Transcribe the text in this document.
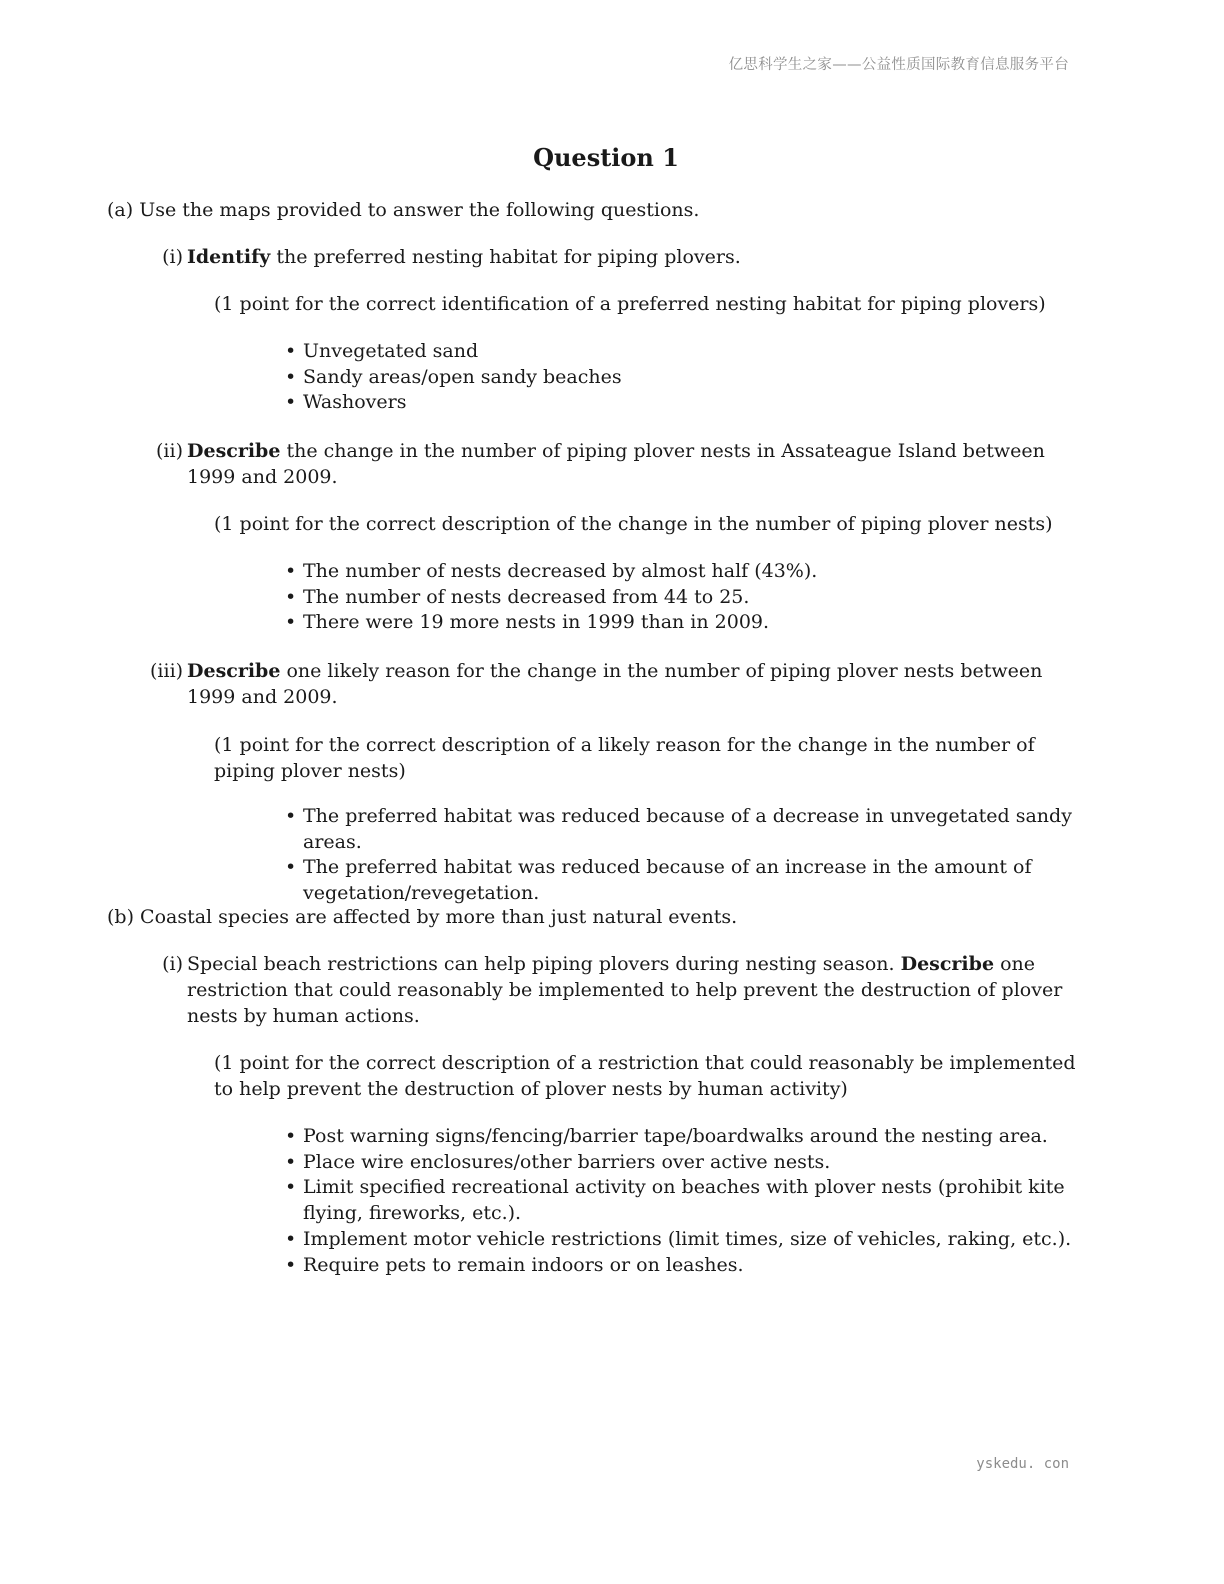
亿思科学生之家——公益性质国际教育信息服务平台
Question 1

(a) Use the maps provided to answer the following questions.

(i) Identify the preferred nesting habitat for piping plovers.

(1 point for the correct identification of a preferred nesting habitat for piping plovers)

• Unvegetated sand
• Sandy areas/open sandy beaches
• Washovers
(ii) Describe the change in the number of piping plover nests in Assateague Island between 1999 and 2009.

(1 point for the correct description of the change in the number of piping plover nests)

• The number of nests decreased by almost half (43%).
• The number of nests decreased from 44 to 25.
• There were 19 more nests in 1999 than in 2009.
(iii) Describe one likely reason for the change in the number of piping plover nests between 1999 and 2009.

(1 point for the correct description of a likely reason for the change in the number of piping plover nests)

• The preferred habitat was reduced because of a decrease in unvegetated sandy areas.
• The preferred habitat was reduced because of an increase in the amount of vegetation/revegetation.

(b) Coastal species are affected by more than just natural events.

(i) Special beach restrictions can help piping plovers during nesting season. Describe one restriction that could reasonably be implemented to help prevent the destruction of plover nests by human actions.

(1 point for the correct description of a restriction that could reasonably be implemented to help prevent the destruction of plover nests by human activity)

• Post warning signs/fencing/barrier tape/boardwalks around the nesting area.
• Place wire enclosures/other barriers over active nests.
• Limit specified recreational activity on beaches with plover nests (prohibit kite flying, fireworks, etc.).
• Implement motor vehicle restrictions (limit times, size of vehicles, raking, etc.).
• Require pets to remain indoors or on leashes.
yskedu. con
